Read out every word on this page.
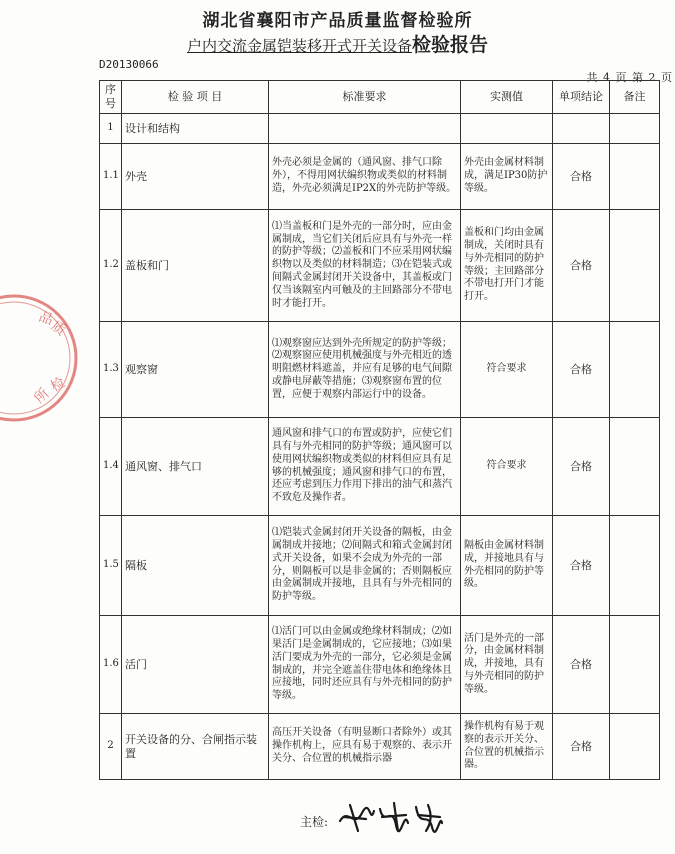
湖北省襄阳市产品质量监督检验所
户内交流金属铠装移开式开关设备检验报告
D20130066
共 4 页 第 2 页
序号	检 验 项 目	标准要求	实测值	单项结论	备注
1	设计和结构				
1.1	外壳	外壳必须是金属的（通风窗、排气口除外），不得用网状编织物或类似的材料制造，外壳必须满足IP2X的外壳防护等级。	外壳由金属材料制成，满足IP30防护等级。	合格	
1.2	盖板和门	⑴当盖板和门是外壳的一部分时，应由金属制成，当它们关闭后应具有与外壳一样的防护等级；⑵盖板和门不应采用网状编织物以及类似的材料制造；⑶在铠装式或间隔式金属封闭开关设备中，其盖板或门仅当该隔室内可触及的主回路部分不带电时才能打开。	盖板和门均由金属制成，关闭时具有与外壳相同的防护等级；主回路部分不带电打开门才能打开。	合格	
1.3	观察窗	⑴观察窗应达到外壳所规定的防护等级；⑵观察窗应使用机械强度与外壳相近的透明阻燃材料遮盖，并应有足够的电气间隙或静电屏蔽等措施；⑶观察窗布置的位置，应便于观察内部运行中的设备。	符合要求	合格	
1.4	通风窗、排气口	通风窗和排气口的布置或防护，应使它们具有与外壳相同的防护等级；通风窗可以使用网状编织物或类似的材料但应具有足够的机械强度；通风窗和排气口的布置，还应考虑到压力作用下排出的油气和蒸汽不致危及操作者。	符合要求	合格	
1.5	隔板	⑴铠装式金属封闭开关设备的隔板，由金属制成并接地；⑵间隔式和箱式金属封闭式开关设备，如果不会成为外壳的一部分，则隔板可以是非金属的；否则隔板应由金属制成并接地，且具有与外壳相同的防护等级。	隔板由金属材料制成，并接地具有与外壳相同的防护等级。	合格	
1.6	活门	⑴活门可以由金属或绝缘材料制成；⑵如果活门是金属制成的，它应接地；⑶如果活门要成为外壳的一部分，它必须是金属制成的，并完全遮盖住带电体和绝缘体且应接地，同时还应具有与外壳相同的防护等级。	活门是外壳的一部分，由金属材料制成，并接地，具有与外壳相同的防护等级。	合格	
2	开关设备的分、合闸指示装置	高压开关设备（有明显断口者除外）或其操作机构上，应具有易于观察的、表示开关分、合位置的机械指示器	操作机构有易于观察的表示开关分、合位置的机械指示器。	合格	
质
品
检
所
主检:
